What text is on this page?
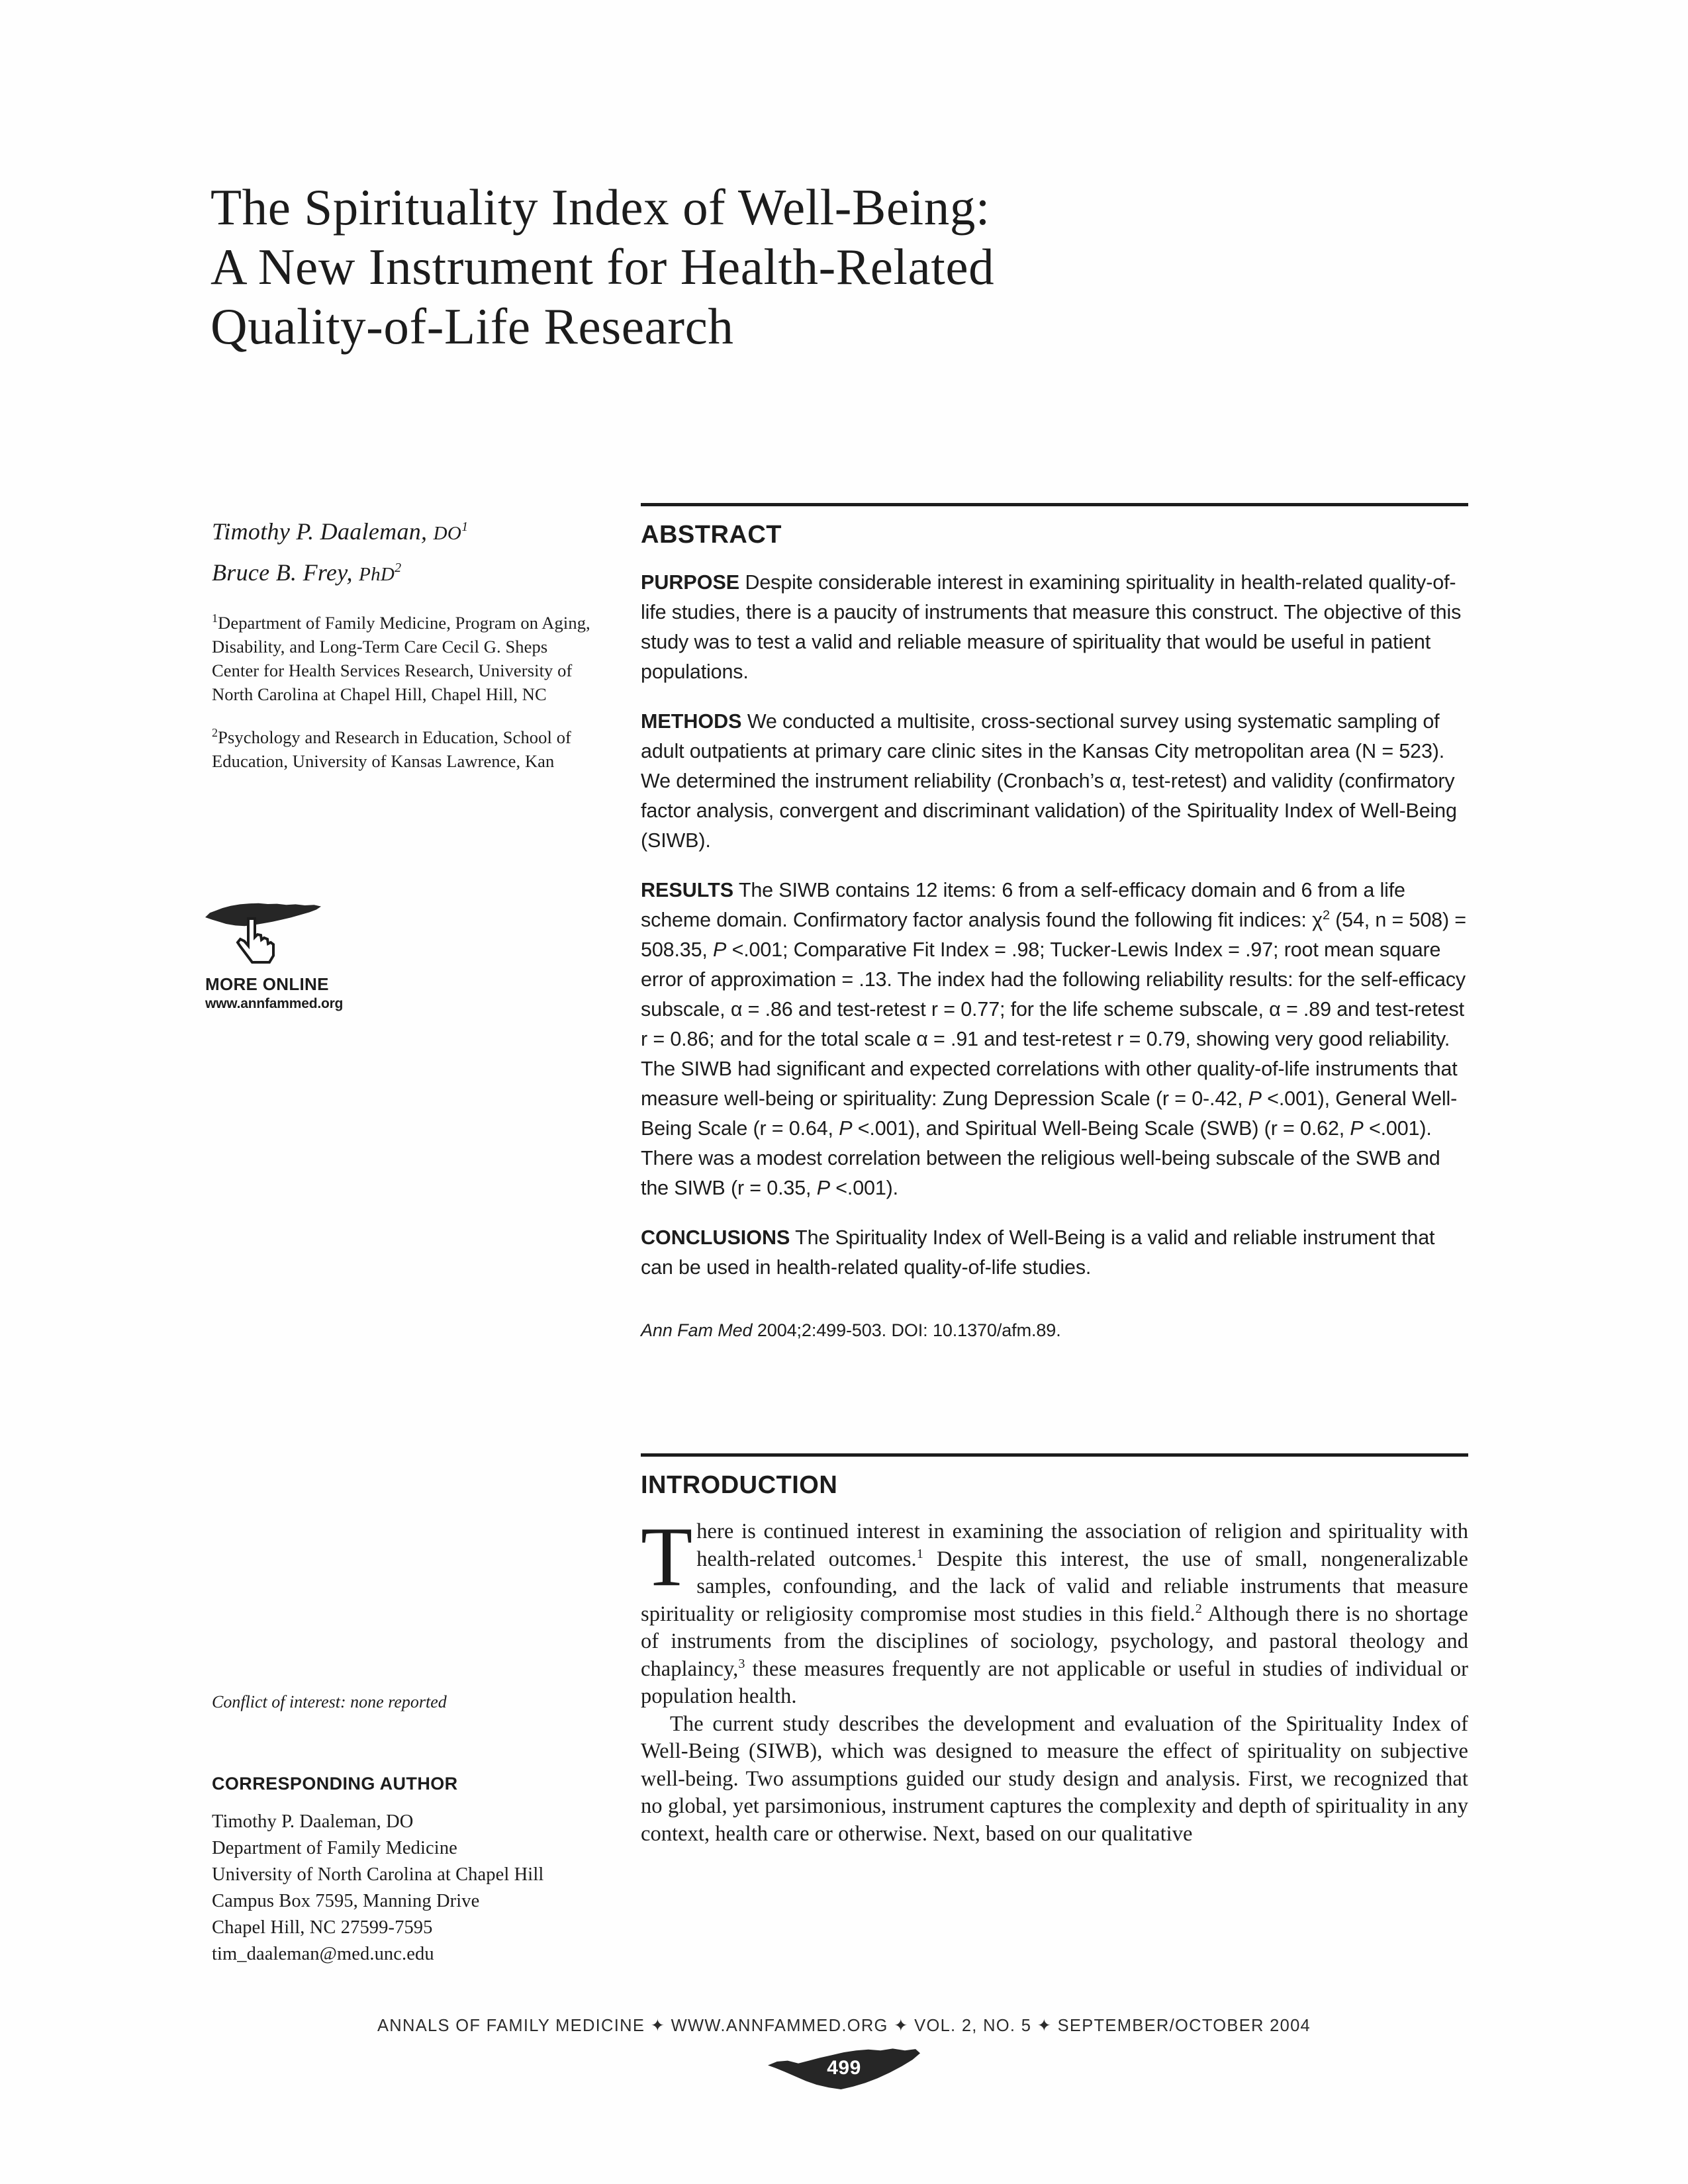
The Spirituality Index of Well-Being:
A New Instrument for Health-Related
Quality-of-Life Research
Timothy P. Daaleman, $DO^1$
Bruce B. Frey, PhD$^2$
$^1$Department of Family Medicine, Program on Aging, Disability, and Long-Term Care Cecil G. Sheps Center for Health Services Research, University of North Carolina at Chapel Hill, Chapel Hill, NC
$^2$Psychology and Research in Education, School of Education, University of Kansas Lawrence, Kan
MORE ONLINE
www.annfammed.org
Conflict of interest: none reported
CORRESPONDING AUTHOR
Timothy P. Daaleman, DO
Department of Family Medicine
University of North Carolina at Chapel Hill
Campus Box 7595, Manning Drive
Chapel Hill, NC 27599-7595
tim_daaleman@med.unc.edu
ABSTRACT

PURPOSE Despite considerable interest in examining spirituality in health-related quality-of-life studies, there is a paucity of instruments that measure this construct. The objective of this study was to test a valid and reliable measure of spirituality that would be useful in patient populations.

METHODS We conducted a multisite, cross-sectional survey using systematic sampling of adult outpatients at primary care clinic sites in the Kansas City metropolitan area (N = 523). We determined the instrument reliability (Cronbach’s α, test-retest) and validity (confirmatory factor analysis, convergent and discriminant validation) of the Spirituality Index of Well-Being (SIWB).

RESULTS The SIWB contains 12 items: 6 from a self-efficacy domain and 6 from a life scheme domain. Confirmatory factor analysis found the following fit indices: $\chi^2$ (54, n = 508) = 508.35, P <.001; Comparative Fit Index = .98; Tucker-Lewis Index = .97; root mean square error of approximation = .13. The index had the following reliability results: for the self-efficacy subscale, α = .86 and test-retest r = 0.77; for the life scheme subscale, α = .89 and test-retest r = 0.86; and for the total scale α = .91 and test-retest r = 0.79, showing very good reliability. The SIWB had significant and expected correlations with other quality-of-life instruments that measure well-being or spirituality: Zung Depression Scale (r = 0-.42, P <.001), General Well-Being Scale (r = 0.64, P <.001), and Spiritual Well-Being Scale (SWB) (r = 0.62, P <.001). There was a modest correlation between the religious well-being subscale of the SWB and the SIWB (r = 0.35, P <.001).

CONCLUSIONS The Spirituality Index of Well-Being is a valid and reliable instrument that can be used in health-related quality-of-life studies.

Ann Fam Med 2004;2:499-503. DOI: 10.1370/afm.89.
INTRODUCTION
There is continued interest in examining the association of religion and spirituality with health-related outcomes.$^1$ Despite this interest, the use of small, nongeneralizable samples, confounding, and the lack of valid and reliable instruments that measure spirituality or religiosity compromise most studies in this field.$^2$ Although there is no shortage of instruments from the disciplines of sociology, psychology, and pastoral theology and chaplaincy,$^3$ these measures frequently are not applicable or useful in studies of individual or population health.
The current study describes the development and evaluation of the Spirituality Index of Well-Being (SIWB), which was designed to measure the effect of spirituality on subjective well-being. Two assumptions guided our study design and analysis. First, we recognized that no global, yet parsimonious, instrument captures the complexity and depth of spirituality in any context, health care or otherwise. Next, based on our qualitative
ANNALS OF FAMILY MEDICINE ✦ WWW.ANNFAMMED.ORG ✦ VOL. 2, NO. 5 ✦ SEPTEMBER/OCTOBER 2004
499
